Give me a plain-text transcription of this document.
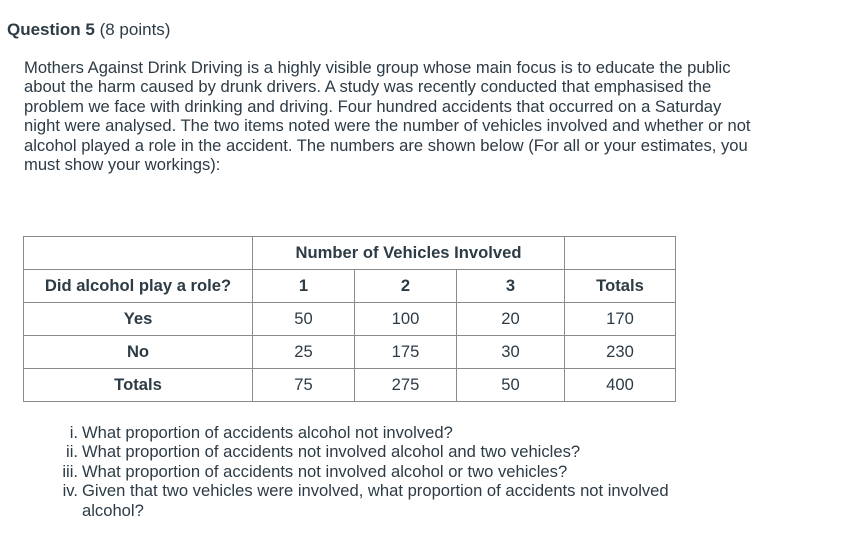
Question 5 (8 points)
Mothers Against Drink Driving is a highly visible group whose main focus is to educate the public about the harm caused by drunk drivers. A study was recently conducted that emphasised the problem we face with drinking and driving. Four hundred accidents that occurred on a Saturday night were analysed. The two items noted were the number of vehicles involved and whether or not alcohol played a role in the accident. The numbers are shown below (For all or your estimates, you must show your workings):
	Number of Vehicles Involved			
Did alcohol play a role?	1	2	3	Totals
Yes	50	100	20	170
No	25	175	30	230
Totals	75	275	50	400
i. What proportion of accidents alcohol not involved?
ii. What proportion of accidents not involved alcohol and two vehicles?
iii. What proportion of accidents not involved alcohol or two vehicles?
iv. Given that two vehicles were involved, what proportion of accidents not involved alcohol?
